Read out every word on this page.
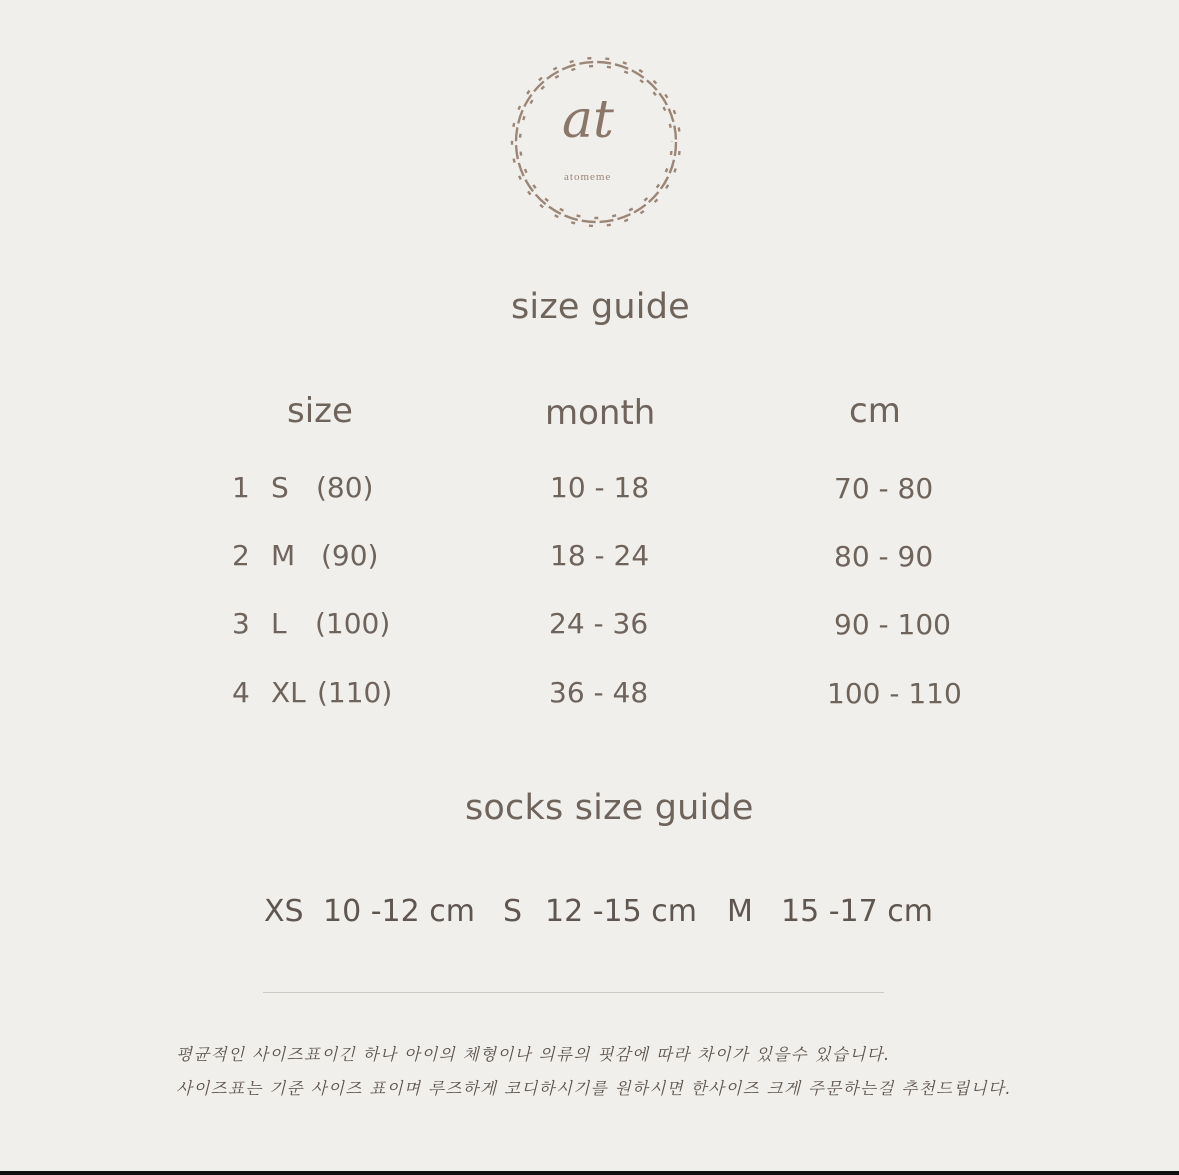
at
atomeme
size guide
size	month	cm
1 S (80)	10 - 18	70 - 80
2 M (90)	18 - 24	80 - 90
3 L (100)	24 - 36	90 - 100
4 XL (110)	36 - 48	100 - 110
socks size guide
XS 10 -12 cm S 12 -15 cm M 15 -17 cm
평균적인 사이즈표이긴 하나 아이의 체형이나 의류의 핏감에 따라 차이가 있을수 있습니다.
사이즈표는 기준 사이즈 표이며 루즈하게 코디하시기를 원하시면 한사이즈 크게 주문하는걸 추천드립니다.
